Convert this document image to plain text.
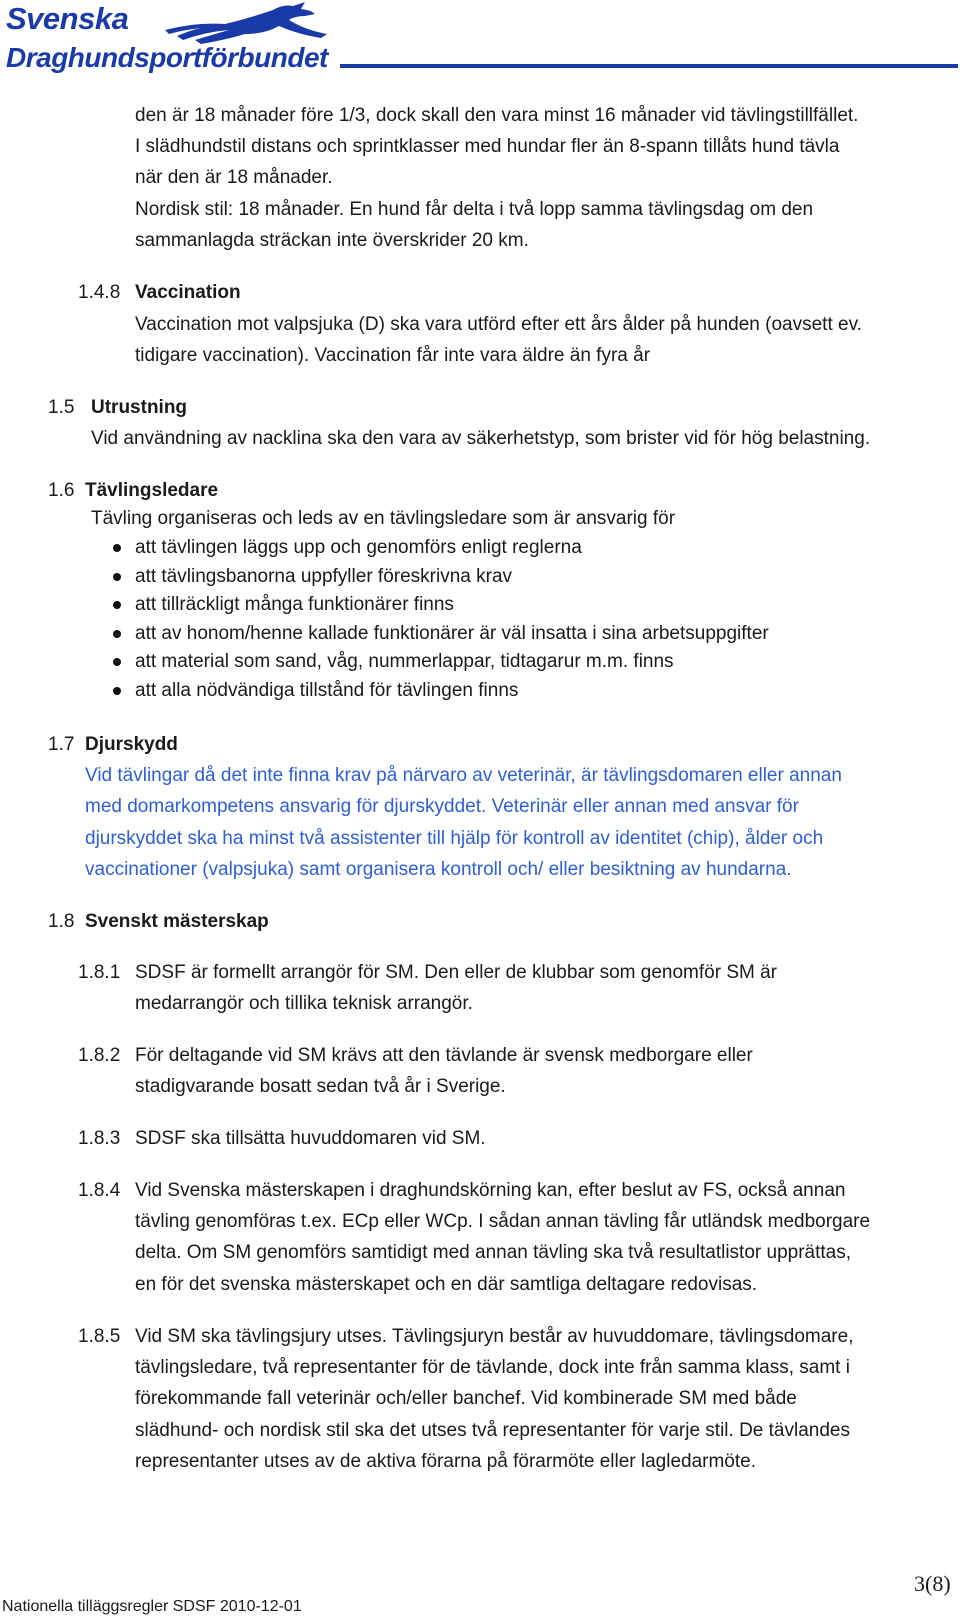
Svenska
Draghundsportförbundet
den är 18 månader före 1/3, dock skall den vara minst 16 månader vid tävlingstillfället.
I slädhundstil distans och sprintklasser med hundar fler än 8-spann tillåts hund tävla
när den är 18 månader.
Nordisk stil: 18 månader. En hund får delta i två lopp samma tävlingsdag om den
sammanlagda sträckan inte överskrider 20 km.
1.4.8 Vaccination
Vaccination mot valpsjuka (D) ska vara utförd efter ett års ålder på hunden (oavsett ev.
tidigare vaccination). Vaccination får inte vara äldre än fyra år
1.5 Utrustning
Vid användning av nacklina ska den vara av säkerhetstyp, som brister vid för hög belastning.
1.6 Tävlingsledare
Tävling organiseras och leds av en tävlingsledare som är ansvarig för
att tävlingen läggs upp och genomförs enligt reglerna
att tävlingsbanorna uppfyller föreskrivna krav
att tillräckligt många funktionärer finns
att av honom/henne kallade funktionärer är väl insatta i sina arbetsuppgifter
att material som sand, våg, nummerlappar, tidtagarur m.m. finns
att alla nödvändiga tillstånd för tävlingen finns
1.7 Djurskydd
Vid tävlingar då det inte finna krav på närvaro av veterinär, är tävlingsdomaren eller annan
med domarkompetens ansvarig för djurskyddet. Veterinär eller annan med ansvar för
djurskyddet ska ha minst två assistenter till hjälp för kontroll av identitet (chip), ålder och
vaccinationer (valpsjuka) samt organisera kontroll och/ eller besiktning av hundarna.
1.8 Svenskt mästerskap
1.8.1 SDSF är formellt arrangör för SM. Den eller de klubbar som genomför SM är
medarrangör och tillika teknisk arrangör.
1.8.2 För deltagande vid SM krävs att den tävlande är svensk medborgare eller
stadigvarande bosatt sedan två år i Sverige.
1.8.3 SDSF ska tillsätta huvuddomaren vid SM.
1.8.4 Vid Svenska mästerskapen i draghundskörning kan, efter beslut av FS, också annan
tävling genomföras t.ex. ECp eller WCp. I sådan annan tävling får utländsk medborgare
delta. Om SM genomförs samtidigt med annan tävling ska två resultatlistor upprättas,
en för det svenska mästerskapet och en där samtliga deltagare redovisas.
1.8.5 Vid SM ska tävlingsjury utses. Tävlingsjuryn består av huvuddomare, tävlingsdomare,
tävlingsledare, två representanter för de tävlande, dock inte från samma klass, samt i
förekommande fall veterinär och/eller banchef. Vid kombinerade SM med både
slädhund- och nordisk stil ska det utses två representanter för varje stil. De tävlandes
representanter utses av de aktiva förarna på förarmöte eller lagledarmöte.
3(8)
Nationella tilläggsregler SDSF 2010-12-01
